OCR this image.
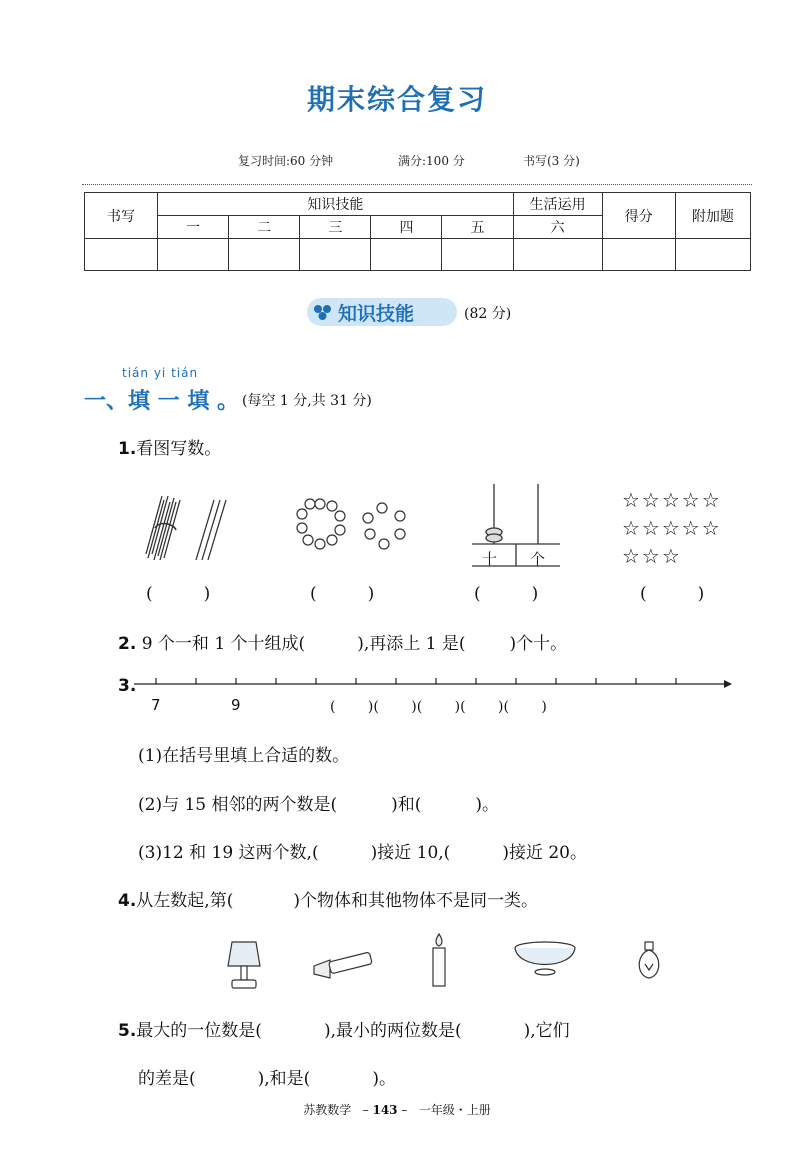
期末综合复习
复习时间:60 分钟	满分:100 分	书写(3 分)
书写	知识技能					生活运用	得分	附加题
	一	二	三	四	五	六		

知识技能	(82 分)
tián yi tián
一、填 一 填 。 (每空 1 分,共 31 分)
1.看图写数。
十 个
☆☆☆☆☆
☆☆☆☆☆
☆☆☆
(　　　)	(　　　)	(　　　)	(　　　)
2. 9 个一和 1 个十组成(	),再添上 1 是(	)个十。
3.
7	9	(　　 )(　　 )(　　 )(　　 )(　　 )
(1)在括号里填上合适的数。
(2)与 15 相邻的两个数是(	)和(	)。
(3)12 和 19 这两个数,(	)接近 10,(	)接近 20。
4.从左数起,第(	)个物体和其他物体不是同一类。
5.最大的一位数是(	),最小的两位数是(	),它们
的差是(	),和是(	)。
苏教数学   – 143 –   一年级・上册
